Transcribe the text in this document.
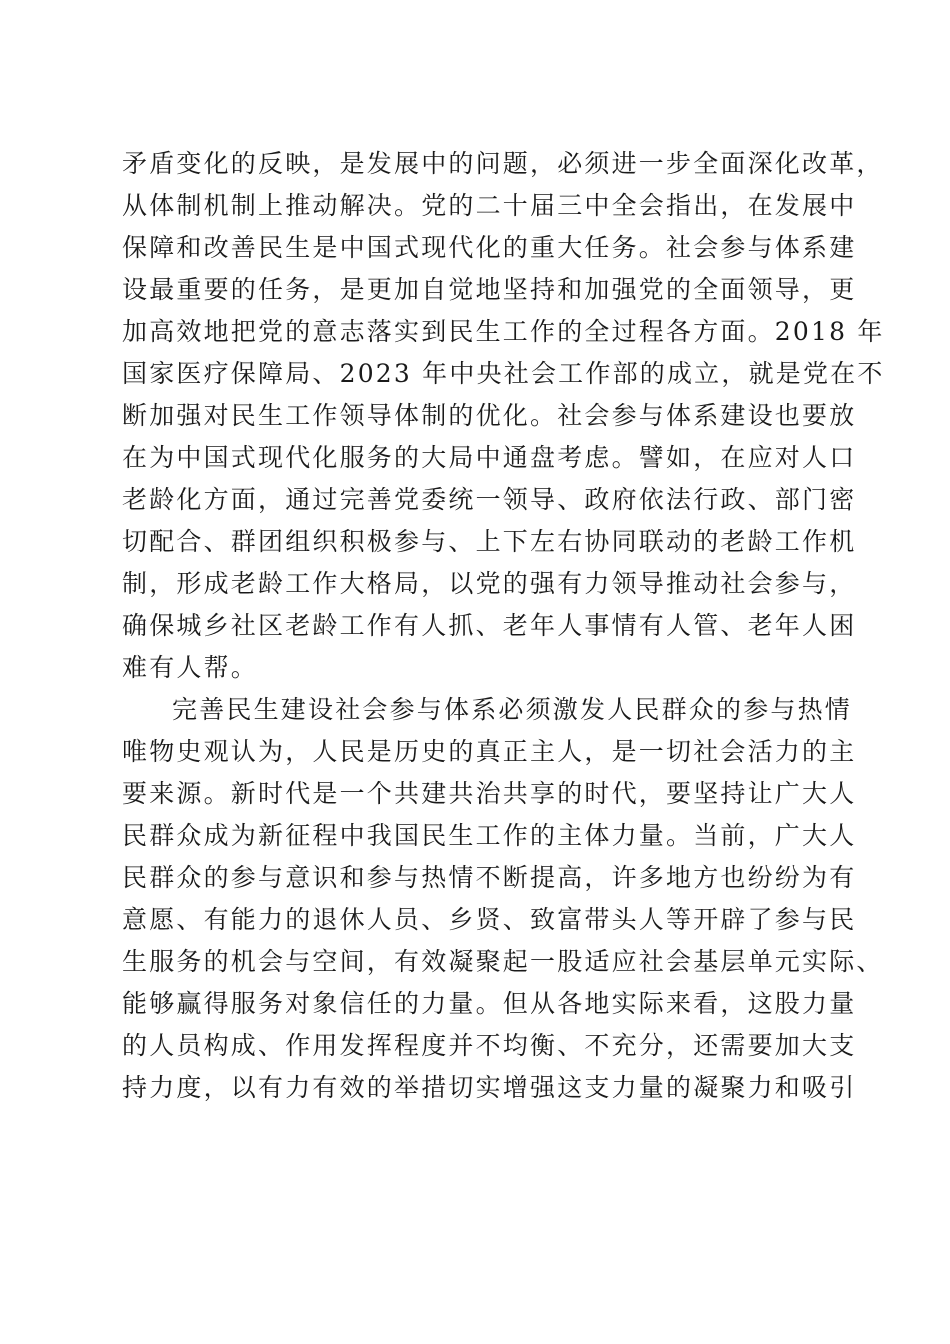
矛盾变化的反映，是发展中的问题，必须进一步全面深化改革，
从体制机制上推动解决。党的二十届三中全会指出，在发展中
保障和改善民生是中国式现代化的重大任务。社会参与体系建
设最重要的任务，是更加自觉地坚持和加强党的全面领导，更
加高效地把党的意志落实到民生工作的全过程各方面。2018 年
国家医疗保障局、2023 年中央社会工作部的成立，就是党在不
断加强对民生工作领导体制的优化。社会参与体系建设也要放
在为中国式现代化服务的大局中通盘考虑。譬如，在应对人口
老龄化方面，通过完善党委统一领导、政府依法行政、部门密
切配合、群团组织积极参与、上下左右协同联动的老龄工作机
制，形成老龄工作大格局，以党的强有力领导推动社会参与，
确保城乡社区老龄工作有人抓、老年人事情有人管、老年人困
难有人帮。
完善民生建设社会参与体系必须激发人民群众的参与热情
唯物史观认为，人民是历史的真正主人，是一切社会活力的主
要来源。新时代是一个共建共治共享的时代，要坚持让广大人
民群众成为新征程中我国民生工作的主体力量。当前，广大人
民群众的参与意识和参与热情不断提高，许多地方也纷纷为有
意愿、有能力的退休人员、乡贤、致富带头人等开辟了参与民
生服务的机会与空间，有效凝聚起一股适应社会基层单元实际、
能够赢得服务对象信任的力量。但从各地实际来看，这股力量
的人员构成、作用发挥程度并不均衡、不充分，还需要加大支
持力度，以有力有效的举措切实增强这支力量的凝聚力和吸引
